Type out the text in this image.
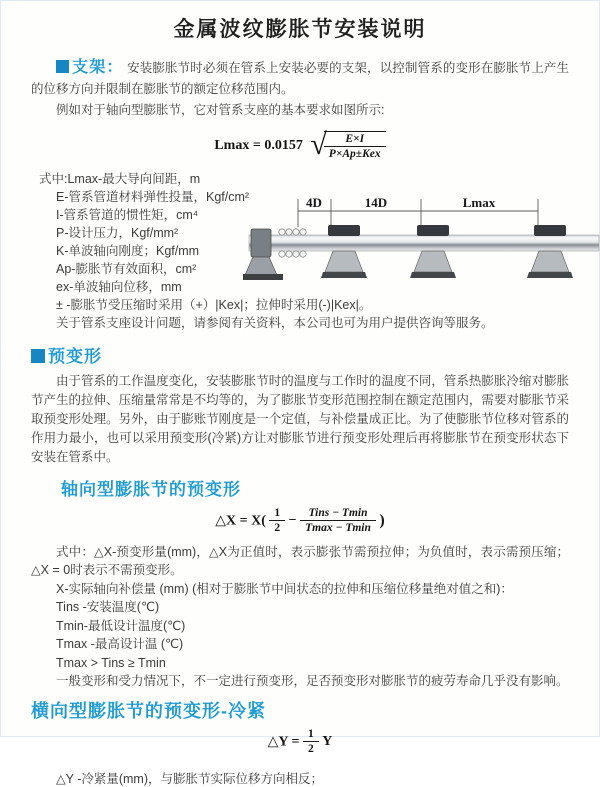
金属波纹膨胀节安装说明

支架： 安装膨胀节时必须在管系上安装必要的支架，以控制管系的变形在膨胀节上产生的位移方向并限制在膨胀节的额定位移范围内。

例如对于轴向型膨胀节，它对管系支座的基本要求如图所示:

Lmax = 0.0157 √
$\frac{E\times I}{\text{P×Ap±Kex}}$
式中:Lmax-最大导向间距，m
E-管系管道材料弹性投量，Kgf/cm²
I-管系管道的惯性矩，cm⁴
P-设计压力，Kgf/mm²
K-单波轴向刚度；Kgf/mm
Ap-膨胀节有效面积，cm²
ex-单波轴向位移，mm
± -膨胀节受压缩时采用（+）|Kex|；拉伸时采用(-)|Kex|。
关于管系支座设计问题，请参阅有关资料，本公司也可为用户提供咨询等服务。
4D	14D	Lmax
预变形

由于管系的工作温度变化，安装膨胀节时的温度与工作时的温度不同，管系热膨胀冷缩对膨胀节产生的拉伸、压缩量常常是不均等的，为了膨胀节变形范围控制在额定范围内，需要对膨胀节采取预变形处理。另外，由于膨账节刚度是一个定值，与补偿量成正比。为了使膨胀节位移对管系的作用力最小，也可以采用预变形(冷紧)方让对膨胀节进行预变形处理后再将膨胀节在预变形状态下安装在管系中。

轴向型膨胀节的预变形
△X = $X( \frac{1}{2} - \frac{\text{Tins − Tmin}}{Tmax - Tmin}$ )

式中：△X-预变形量(mm)，△X为正值时，表示膨张节需预拉伸；为负值时，表示需预压缩；△X = 0时表示不需预变形。

X-实际轴向补偿量 (mm) (相对于膨胀节中间状态的拉伸和压缩位移量绝对值之和)：

Tins -安装温度(℃)

Tmin-最低设计温度(℃)

Tmax -最高设计温 (℃)

Tmax > Tins ≥ Tmin

一般变形和受力情况下，不一定进行预变形，足否预变形对膨胀节的疲劳寿命几乎没有影响。

横向型膨胀节的预变形-冷紧
△Y = $\frac{1}{2}$ Y

△Y -冷紧量(mm)，与膨胀节实际位移方向相反；
